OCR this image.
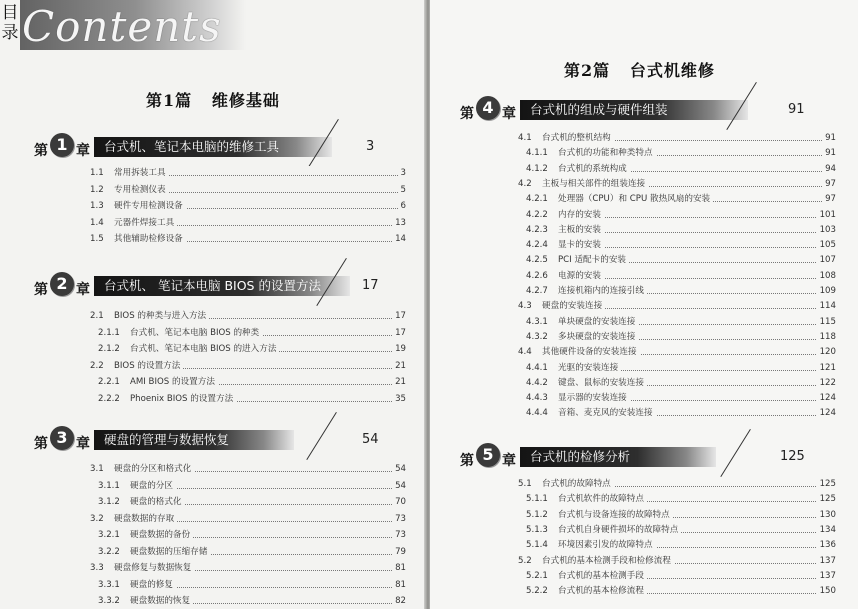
Contents
目录
第1篇   维修基础
第 1 章	台式机、笔记本电脑的维修工具	3
1.1 常用拆装工具	3
1.2 专用检测仪表	5
1.3 硬件专用检测设备	6
1.4 元器件焊接工具	13
1.5 其他辅助检修设备	14
第 2 章	台式机、 笔记本电脑 BIOS 的设置方法	17
2.1 BIOS 的种类与进入方法	17
2.1.1 台式机、笔记本电脑 BIOS 的种类	17
2.1.2 台式机、笔记本电脑 BIOS 的进入方法	19
2.2 BIOS 的设置方法	21
2.2.1 AMI BIOS 的设置方法	21
2.2.2 Phoenix BIOS 的设置方法	35
第 3 章	硬盘的管理与数据恢复	54
3.1 硬盘的分区和格式化	54
3.1.1 硬盘的分区	54
3.1.2 硬盘的格式化	70
3.2 硬盘数据的存取	73
3.2.1 硬盘数据的备份	73
3.2.2 硬盘数据的压缩存储	79
3.3 硬盘修复与数据恢复	81
3.3.1 硬盘的修复	81
3.3.2 硬盘数据的恢复	82
第2篇   台式机维修
第 4 章	台式机的组成与硬件组装	91
4.1 台式机的整机结构	91
4.1.1 台式机的功能和种类特点	91
4.1.2 台式机的系统构成	94
4.2 主板与相关部件的组装连接	97
4.2.1 处理器（CPU）和 CPU 散热风扇的安装	97
4.2.2 内存的安装	101
4.2.3 主板的安装	103
4.2.4 显卡的安装	105
4.2.5 PCI 适配卡的安装	107
4.2.6 电源的安装	108
4.2.7 连接机箱内的连接引线	109
4.3 硬盘的安装连接	114
4.3.1 单块硬盘的安装连接	115
4.3.2 多块硬盘的安装连接	118
4.4 其他硬件设备的安装连接	120
4.4.1 光驱的安装连接	121
4.4.2 键盘、鼠标的安装连接	122
4.4.3 显示器的安装连接	124
4.4.4 音箱、麦克风的安装连接	124
第 5 章	台式机的检修分析	125
5.1 台式机的故障特点	125
5.1.1 台式机软件的故障特点	125
5.1.2 台式机与设备连接的故障特点	130
5.1.3 台式机自身硬件损坏的故障特点	134
5.1.4 环境因素引发的故障特点	136
5.2 台式机的基本检测手段和检修流程	137
5.2.1 台式机的基本检测手段	137
5.2.2 台式机的基本检修流程	150
